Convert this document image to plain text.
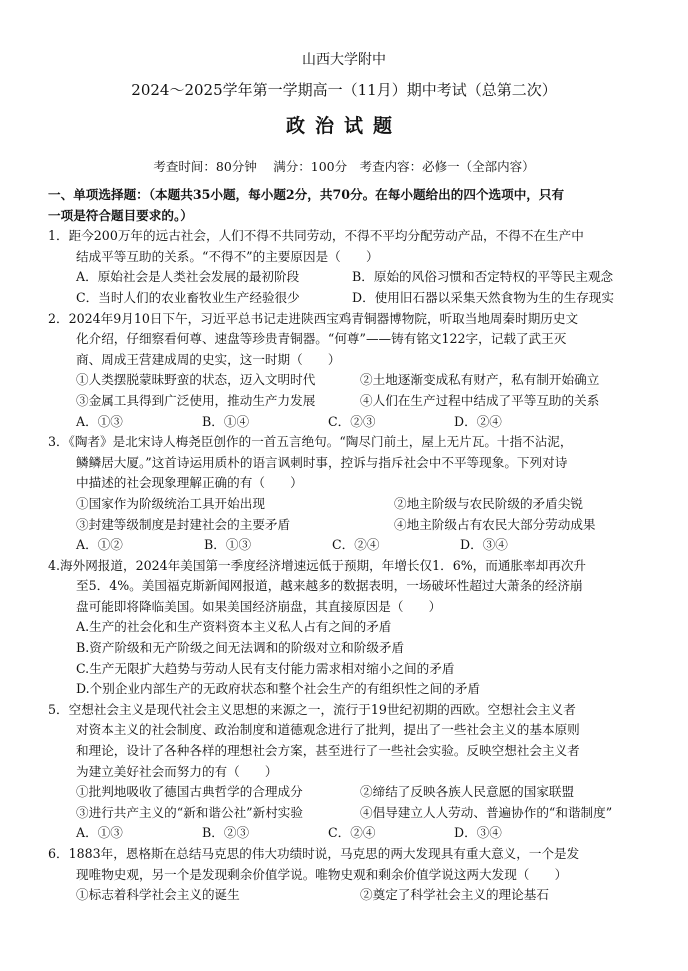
山西大学附中
2024～2025学年第一学期高一（11月）期中考试（总第二次）
政治试题
考查时间：80分钟　 满分：100分　考查内容：必修一（全部内容）
一、单项选择题：（本题共35小题，每小题2分，共70分。在每小题给出的四个选项中，只有
一项是符合题目要求的。）
1．距今200万年的远古社会，人们不得不共同劳动，不得不平均分配劳动产品，不得不在生产中
结成平等互助的关系。“不得不”的主要原因是（　　）
A．原始社会是人类社会发展的最初阶段	B．原始的风俗习惯和否定特权的平等民主观念
C．当时人们的农业畜牧业生产经验很少	D．使用旧石器以采集天然食物为生的生存现实
2．2024年9月10日下午，习近平总书记走进陕西宝鸡青铜器博物院，听取当地周秦时期历史文
化介绍，仔细察看何尊、速盘等珍贵青铜器。“何尊”——铸有铭文122字，记载了武王灭
商、周成王营建成周的史实，这一时期（　　）
①人类摆脱蒙昧野蛮的状态，迈入文明时代	②土地逐渐变成私有财产，私有制开始确立
③金属工具得到广泛使用，推动生产力发展	④人们在生产过程中结成了平等互助的关系
A．①③	B．①④	C．②③	D．②④
3．《陶者》是北宋诗人梅尧臣创作的一首五言绝句。“陶尽门前土，屋上无片瓦。十指不沾泥，
鳞鳞居大厦。”这首诗运用质朴的语言讽刺时事，控诉与指斥社会中不平等现象。下列对诗
中描述的社会现象理解正确的有（　　）
①国家作为阶级统治工具开始出现	②地主阶级与农民阶级的矛盾尖锐
③封建等级制度是封建社会的主要矛盾	④地主阶级占有农民大部分劳动成果
A．①②	B．①③	C．②④	D．③④
4.海外网报道，2024年美国第一季度经济增速远低于预期，年增长仅1．6%，而通胀率却再次升
至5．4%。美国福克斯新闻网报道，越来越多的数据表明，一场破坏性超过大萧条的经济崩
盘可能即将降临美国。如果美国经济崩盘，其直接原因是（　　）
A.生产的社会化和生产资料资本主义私人占有之间的矛盾
B.资产阶级和无产阶级之间无法调和的阶级对立和阶级矛盾
C.生产无限扩大趋势与劳动人民有支付能力需求相对缩小之间的矛盾
D.个别企业内部生产的无政府状态和整个社会生产的有组织性之间的矛盾
5．空想社会主义是现代社会主义思想的来源之一，流行于19世纪初期的西欧。空想社会主义者
对资本主义的社会制度、政治制度和道德观念进行了批判，提出了一些社会主义的基本原则
和理论，设计了各种各样的理想社会方案，甚至进行了一些社会实验。反映空想社会主义者
为建立美好社会而努力的有（　　）
①批判地吸收了德国古典哲学的合理成分	②缔结了反映各族人民意愿的国家联盟
③进行共产主义的“新和谐公社”新村实验	④倡导建立人人劳动、普遍协作的“和谐制度”
A．①③	B．②③	C．②④	D．③④
6．1883年，恩格斯在总结马克思的伟大功绩时说，马克思的两大发现具有重大意义，一个是发
现唯物史观，另一个是发现剩余价值学说。唯物史观和剩余价值学说这两大发现（　　）
①标志着科学社会主义的诞生	②奠定了科学社会主义的理论基石
